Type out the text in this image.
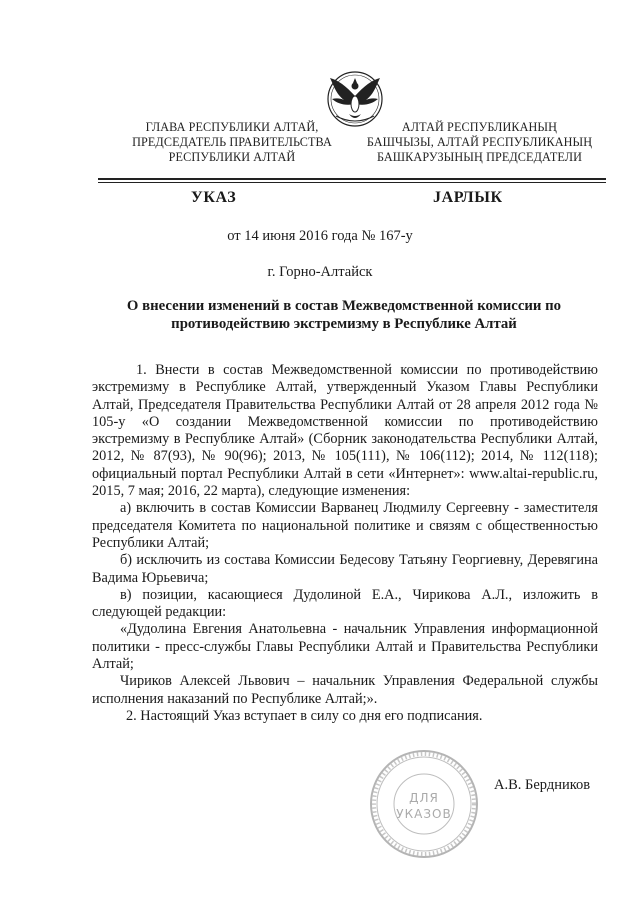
ГЛАВА РЕСПУБЛИКИ АЛТАЙ,
ПРЕДСЕДАТЕЛЬ ПРАВИТЕЛЬСТВА
РЕСПУБЛИКИ АЛТАЙ
АЛТАЙ РЕСПУБЛИКАНЫҢ
БАШЧЫЗЫ, АЛТАЙ РЕСПУБЛИКАНЫҢ
БАШКАРУЗЫНЫҢ ПРЕДСЕДАТЕЛИ
УКАЗ	ЈАРЛЫК
от 14 июня 2016 года № 167-у
г. Горно-Алтайск
О внесении изменений в состав Межведомственной комиссии по противодействию экстремизму в Республике Алтай

1. Внести в состав Межведомственной комиссии по противодействию экстремизму в Республике Алтай, утвержденный Указом Главы Республики Алтай, Председателя Правительства Республики Алтай от 28 апреля 2012 года № 105-у «О создании Межведомственной комиссии по противодействию экстремизму в Республике Алтай» (Сборник законодательства Республики Алтай, 2012, № 87(93), № 90(96); 2013, № 105(111), № 106(112); 2014, № 112(118); официальный портал Республики Алтай в сети «Интернет»: www.altai-republic.ru, 2015, 7 мая; 2016, 22 марта), следующие изменения:

а) включить в состав Комиссии Варванец Людмилу Сергеевну - заместителя председателя Комитета по национальной политике и связям с общественностью Республики Алтай;

б) исключить из состава Комиссии Бедесову Татьяну Георгиевну, Деревягина Вадима Юрьевича;

в) позиции, касающиеся Дудолиной Е.А., Чирикова А.Л., изложить в следующей редакции:

«Дудолина Евгения Анатольевна - начальник Управления информационной политики - пресс-службы Главы Республики Алтай и Правительства Республики Алтай;

Чириков Алексей Львович – начальник Управления Федеральной службы исполнения наказаний по Республике Алтай;».

2. Настоящий Указ вступает в силу со дня его подписания.

ДЛЯ
УКАЗОВ
А.В. Бердников
